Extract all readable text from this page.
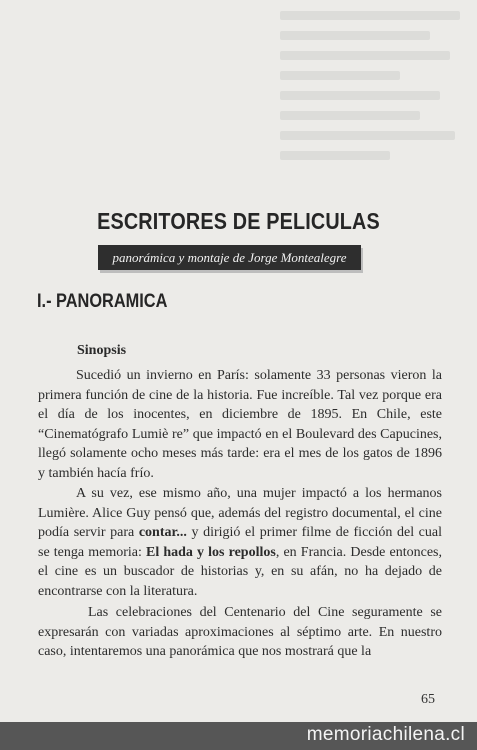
ESCRITORES DE PELICULAS
panorámica y montaje de Jorge Montealegre
I.- PANORAMICA
Sinopsis

Sucedió un invierno en París: solamente 33 personas vieron la primera función de cine de la historia. Fue increíble. Tal vez porque era el día de los inocentes, en diciembre de 1895. En Chile, este “Cinematógrafo Lumiè re” que impactó en el Boulevard des Capucines, llegó solamente ocho meses más tarde: era el mes de los gatos de 1896 y también hacía frío.

A su vez, ese mismo año, una mujer impactó a los hermanos Lumière. Alice Guy pensó que, además del registro documental, el cine podía servir para contar... y dirigió el primer filme de ficción del cual se tenga memoria: El hada y los repollos, en Francia. Desde entonces, el cine es un buscador de historias y, en su afán, no ha dejado de encontrarse con la literatura.

Las celebraciones del Centenario del Cine seguramente se expresarán con variadas aproximaciones al séptimo arte. En nuestro caso, intentaremos una panorámica que nos mostrará que la

65
memoriachilena.cl
